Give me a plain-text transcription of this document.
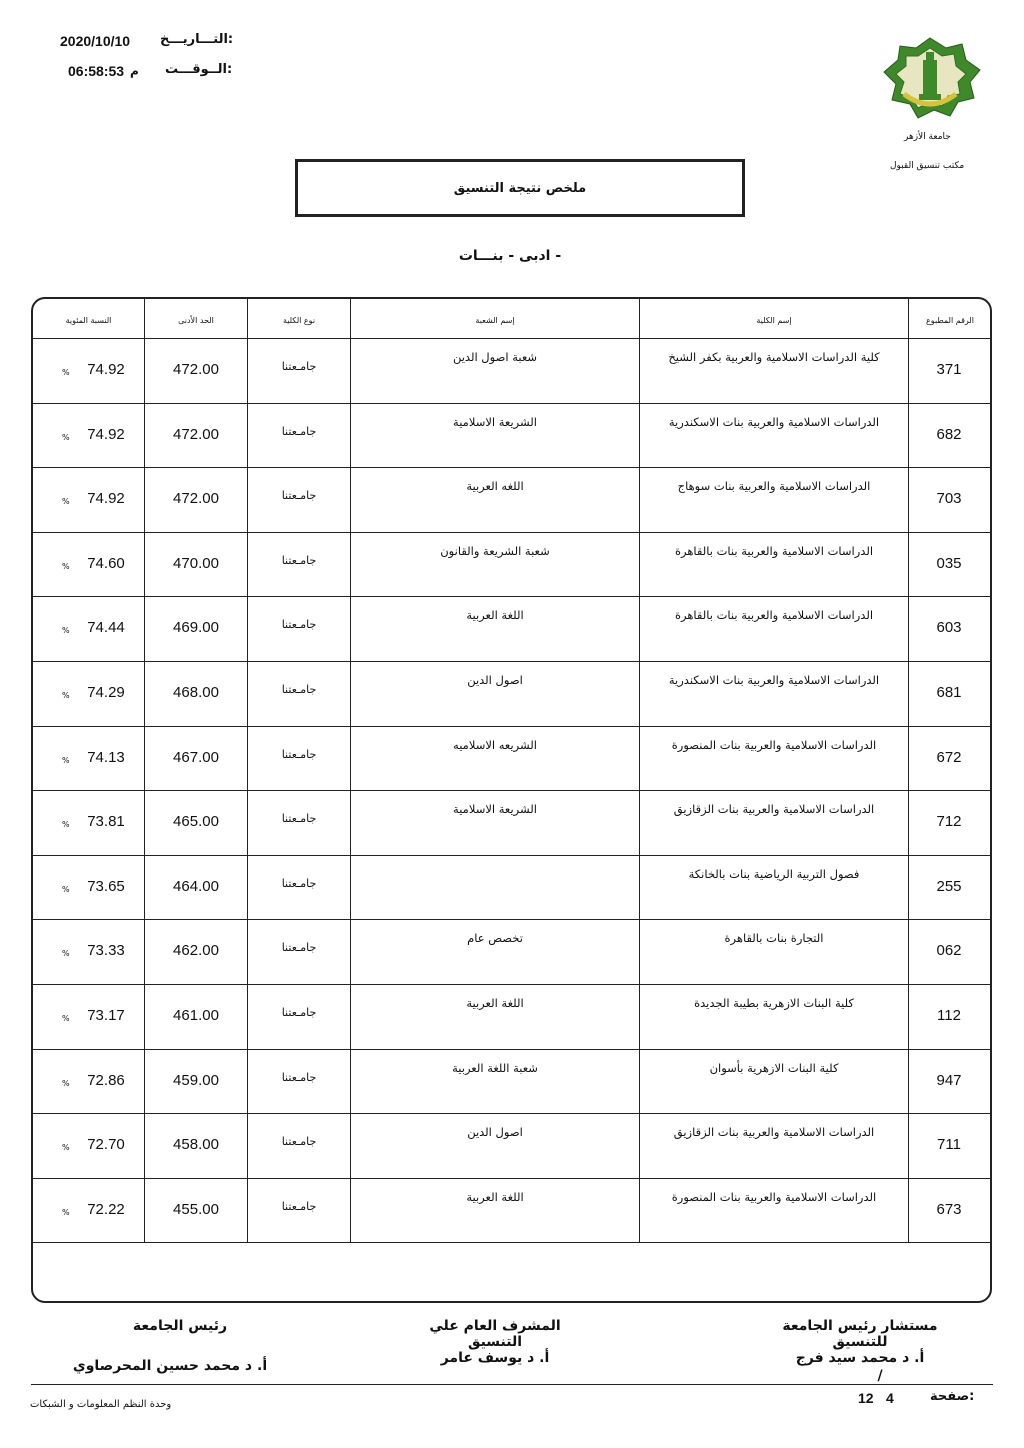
التـــاريـــخ:
2020/10/10
الــوقـــت:
06:58:53 م
جامعة الأزهر
مكتب تنسيق القبول
ملخص نتيجة التنسيق
- ادبى - بنـــات
الرقم المطبوع
إسم الكلية
إسم الشعبة
نوع الكلية
الحد الأدنى
النسبة المئوية
371
كلية الدراسات الاسلامية والعربية بكفر الشيخ
شعبة اصول الدين
جامـعتنا
472.00
74.92
%
682
الدراسات الاسلامية والعربية بنات الاسكندرية
الشريعة الاسلامية
جامـعتنا
472.00
74.92
%
703
الدراسات الاسلامية والعربية بنات سوهاج
اللغه العربية
جامـعتنا
472.00
74.92
%
035
الدراسات الاسلامية والعربية بنات بالقاهرة
شعبة الشريعة والقانون
جامـعتنا
470.00
74.60
%
603
الدراسات الاسلامية والعربية بنات بالقاهرة
اللغة العربية
جامـعتنا
469.00
74.44
%
681
الدراسات الاسلامية والعربية بنات الاسكندرية
اصول الدين
جامـعتنا
468.00
74.29
%
672
الدراسات الاسلامية والعربية بنات المنصورة
الشريعه الاسلاميه
جامـعتنا
467.00
74.13
%
712
الدراسات الاسلامية والعربية بنات الزقازيق
الشريعة الاسلامية
جامـعتنا
465.00
73.81
%
255
فصول التربية الرياضية بنات بالخانكة
جامـعتنا
464.00
73.65
%
062
التجارة بنات بالقاهرة
تخصص عام
جامـعتنا
462.00
73.33
%
112
كلية البنات الازهرية بطيبة الجديدة
اللغة العربية
جامـعتنا
461.00
73.17
%
947
كلية البنات الازهرية بأسوان
شعبة اللغة العربية
جامـعتنا
459.00
72.86
%
711
الدراسات الاسلامية والعربية بنات الزقازيق
اصول الدين
جامـعتنا
458.00
72.70
%
673
الدراسات الاسلامية والعربية بنات المنصورة
اللغة العربية
جامـعتنا
455.00
72.22
%
مستشار رئيس الجامعة للتنسيق
أ. د محمد سيد فرج
/
المشرف العام علي التنسيق
أ. د يوسف عامر
رئيس الجامعة
أ. د محمد حسين المحرصاوي
صفحة:
4
12
وحدة النظم المعلومات و الشبكات
